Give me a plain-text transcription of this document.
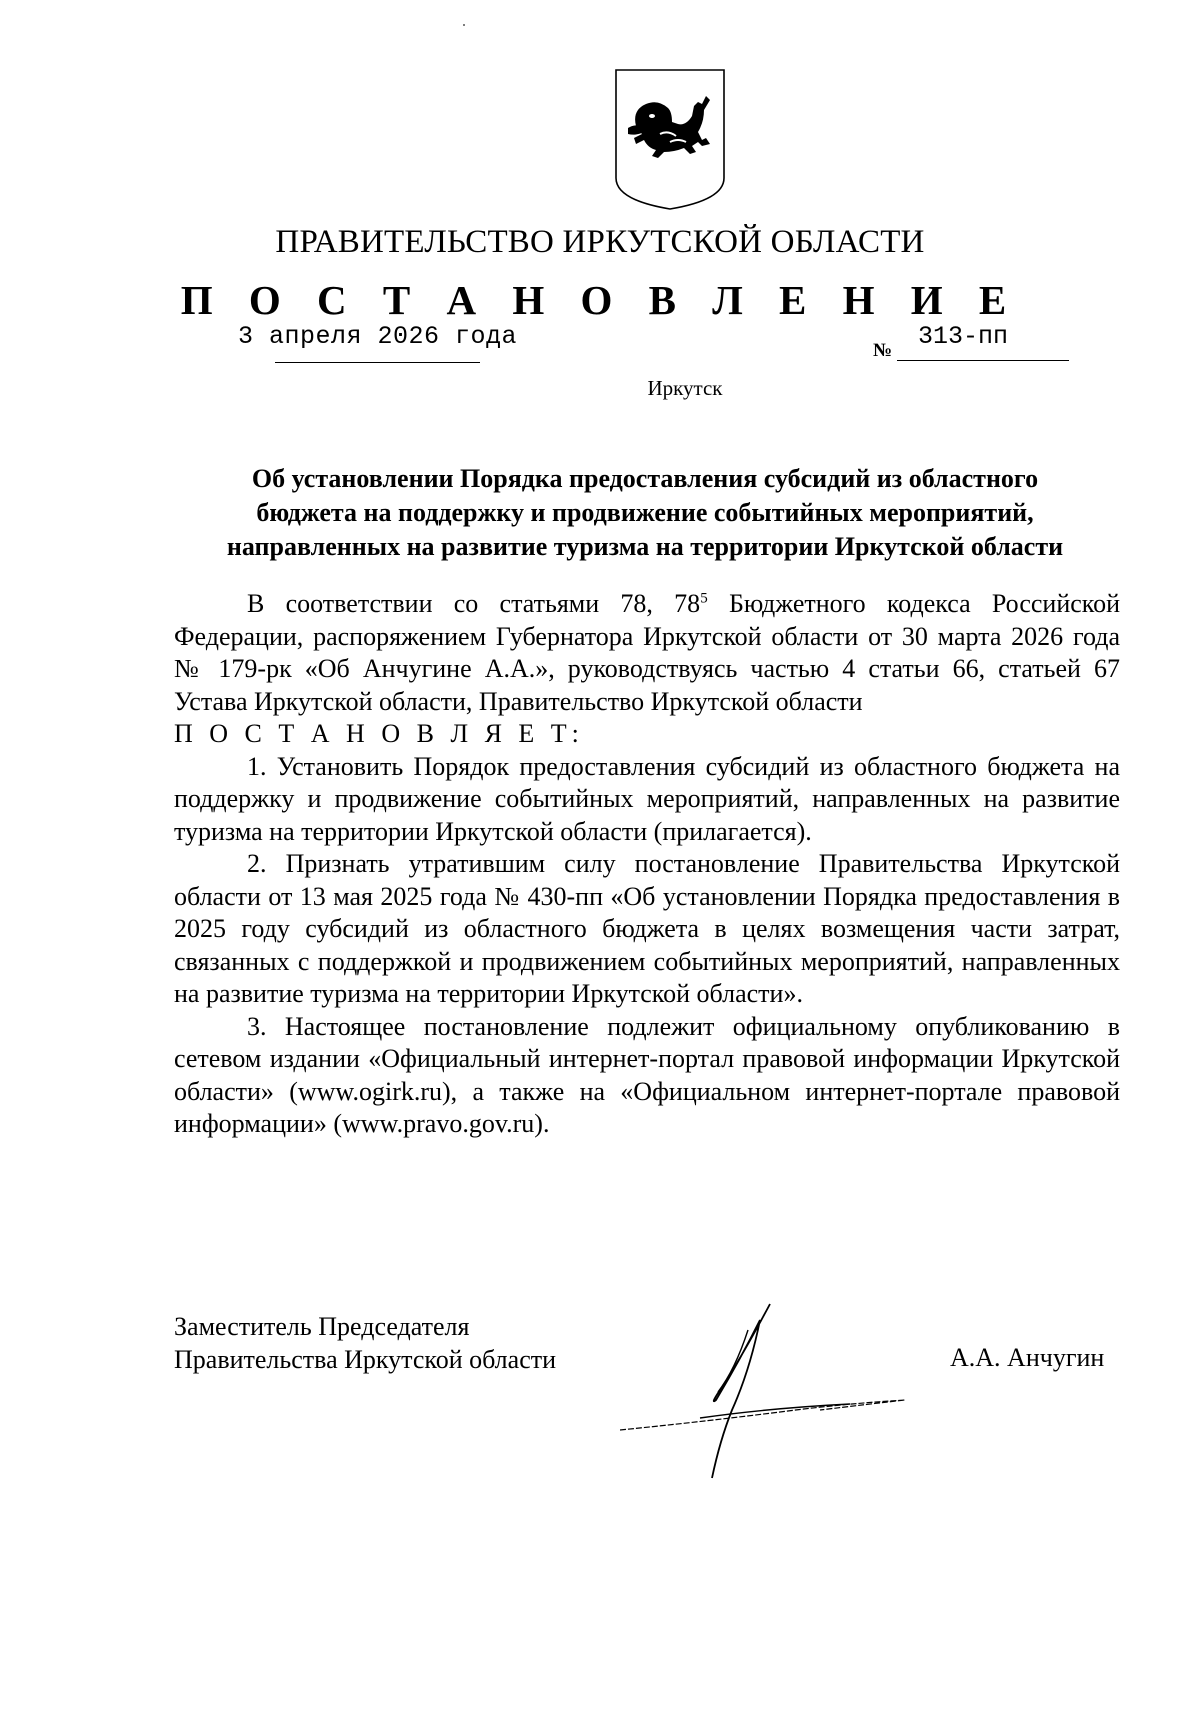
ПРАВИТЕЛЬСТВО ИРКУТСКОЙ ОБЛАСТИ
П О С Т А Н О В Л Е Н И Е
3 апреля 2026 года	№ 313-пп
Иркутск
Об установлении Порядка предоставления субсидий из областного
бюджета на поддержку и продвижение событийных мероприятий,
направленных на развитие туризма на территории Иркутской области

В соответствии со статьями 78, $78^5$ Бюджетного кодекса Российской Федерации, распоряжением Губернатора Иркутской области от 30 марта 2026 года № 179-рк «Об Анчугине А.А.», руководствуясь частью 4 статьи 66, статьей 67 Устава Иркутской области, Правительство Иркутской области

П О С Т А Н О В Л Я Е Т:

1. Установить Порядок предоставления субсидий из областного бюджета на поддержку и продвижение событийных мероприятий, направленных на развитие туризма на территории Иркутской области (прилагается).

2. Признать утратившим силу постановление Правительства Иркутской области от 13 мая 2025 года № 430-пп «Об установлении Порядка предоставления в 2025 году субсидий из областного бюджета в целях возмещения части затрат, связанных с поддержкой и продвижением событийных мероприятий, направленных на развитие туризма на территории Иркутской области».

3. Настоящее постановление подлежит официальному опубликованию в сетевом издании «Официальный интернет-портал правовой информации Иркутской области» (www.ogirk.ru), а также на «Официальном интернет-портале правовой информации» (www.pravo.gov.ru).

Заместитель Председателя

Правительства Иркутской области	А.А. Анчугин
